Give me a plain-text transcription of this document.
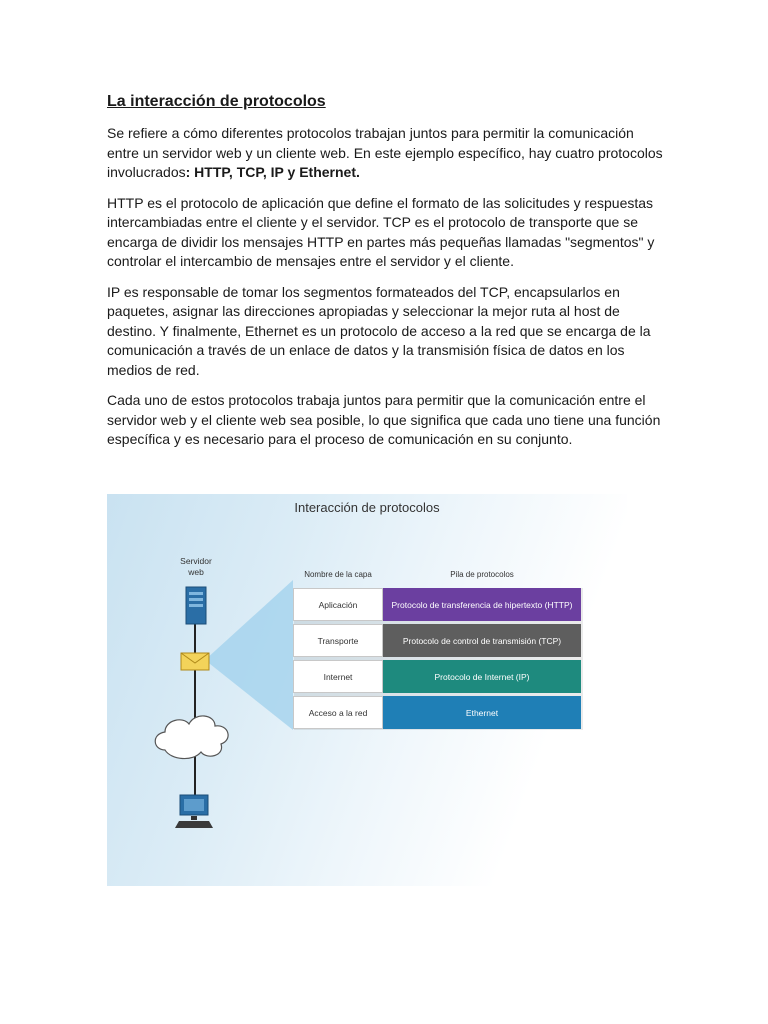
La interacción de protocolos

Se refiere a cómo diferentes protocolos trabajan juntos para permitir la comunicación entre un servidor web y un cliente web. En este ejemplo específico, hay cuatro protocolos involucrados: HTTP, TCP, IP y Ethernet.

HTTP es el protocolo de aplicación que define el formato de las solicitudes y respuestas intercambiadas entre el cliente y el servidor. TCP es el protocolo de transporte que se encarga de dividir los mensajes HTTP en partes más pequeñas llamadas "segmentos" y controlar el intercambio de mensajes entre el servidor y el cliente.

IP es responsable de tomar los segmentos formateados del TCP, encapsularlos en paquetes, asignar las direcciones apropiadas y seleccionar la mejor ruta al host de destino. Y finalmente, Ethernet es un protocolo de acceso a la red que se encarga de la comunicación a través de un enlace de datos y la transmisión física de datos en los medios de red.

Cada uno de estos protocolos trabaja juntos para permitir que la comunicación entre el servidor web y el cliente web sea posible, lo que significa que cada uno tiene una función específica y es necesario para el proceso de comunicación en su conjunto.

Interacción de protocolos
Servidor
web	Nombre de la capa	Pila de protocolos
Aplicación	Protocolo de transferencia de hipertexto (HTTP)
Transporte	Protocolo de control de transmisión (TCP)
Internet	Protocolo de Internet (IP)
Acceso a la red	Ethernet
